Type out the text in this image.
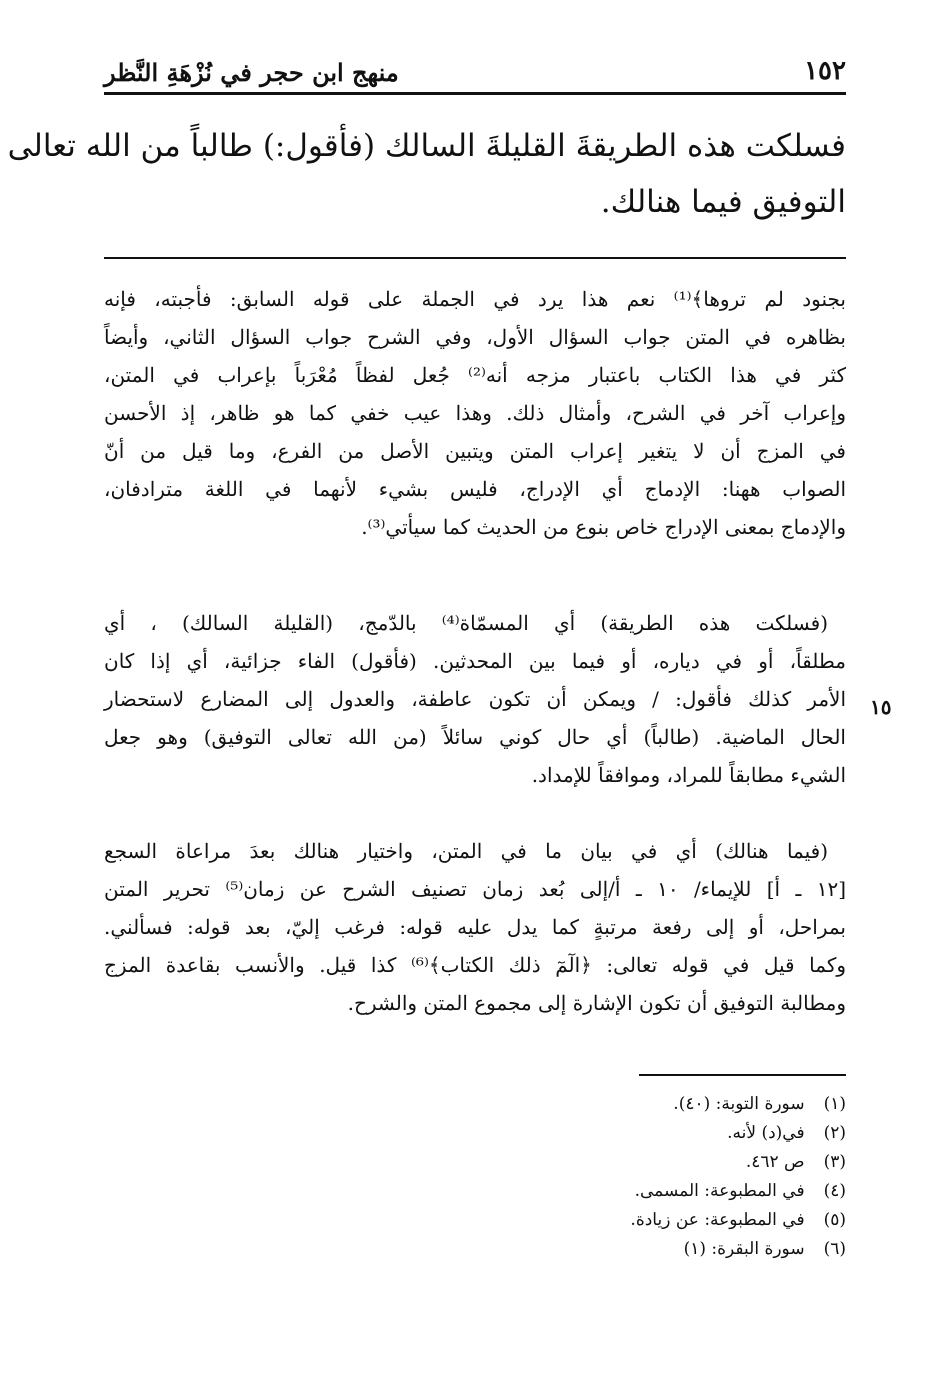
١٥٢
منهج ابن حجر في نُزْهَةِ النَّظر
فسلكت هذه الطريقةَ القليلةَ السالك (فأقول:) طالباً من الله تعالى
التوفيق فيما هنالك.
بجنود لم تروها﴾⁽¹⁾ نعم هذا يرد في الجملة على قوله السابق: فأجبته، فإنه
بظاهره في المتن جواب السؤال الأول، وفي الشرح جواب السؤال الثاني، وأيضاً
كثر في هذا الكتاب باعتبار مزجه أنه⁽²⁾ جُعل لفظاً مُعْرَباً بإعراب في المتن،
وإعراب آخر في الشرح، وأمثال ذلك. وهذا عيب خفي كما هو ظاهر، إذ الأحسن
في المزج أن لا يتغير إعراب المتن ويتبين الأصل من الفرع، وما قيل من أنّ
الصواب ههنا: الإدماج أي الإدراج، فليس بشيء لأنهما في اللغة مترادفان،
والإدماج بمعنى الإدراج خاص بنوع من الحديث كما سيأتي⁽³⁾.
(فسلكت هذه الطريقة) أي المسمّاة⁽⁴⁾ بالدّمج، (القليلة السالك) ، أي
مطلقاً، أو في دياره، أو فيما بين المحدثين. (فأقول) الفاء جزائية، أي إذا كان
الأمر كذلك فأقول: / ويمكن أن تكون عاطفة، والعدول إلى المضارع لاستحضار
الحال الماضية. (طالباً) أي حال كوني سائلاً (من الله تعالى التوفيق) وهو جعل
الشيء مطابقاً للمراد، وموافقاً للإمداد.
١٥
(فيما هنالك) أي في بيان ما في المتن، واختيار هنالك بعدَ مراعاة السجع
[١٢ ـ أ] للإيماء/ ١٠ ـ أ/إلى بُعد زمان تصنيف الشرح عن زمان⁽⁵⁾ تحرير المتن
بمراحل، أو إلى رفعة مرتبةٍ كما يدل عليه قوله: فرغب إليّ، بعد قوله: فسألني.
وكما قيل في قوله تعالى: ﴿الٓمٓ ذلك الكتاب﴾⁽⁶⁾ كذا قيل. والأنسب بقاعدة المزج
ومطالبة التوفيق أن تكون الإشارة إلى مجموع المتن والشرح.
(١) سورة التوبة: (٤٠).
(٢) في(د) لأنه.
(٣) ص ٤٦٢.
(٤) في المطبوعة: المسمى.
(٥) في المطبوعة: عن زيادة.
(٦) سورة البقرة: (١)
